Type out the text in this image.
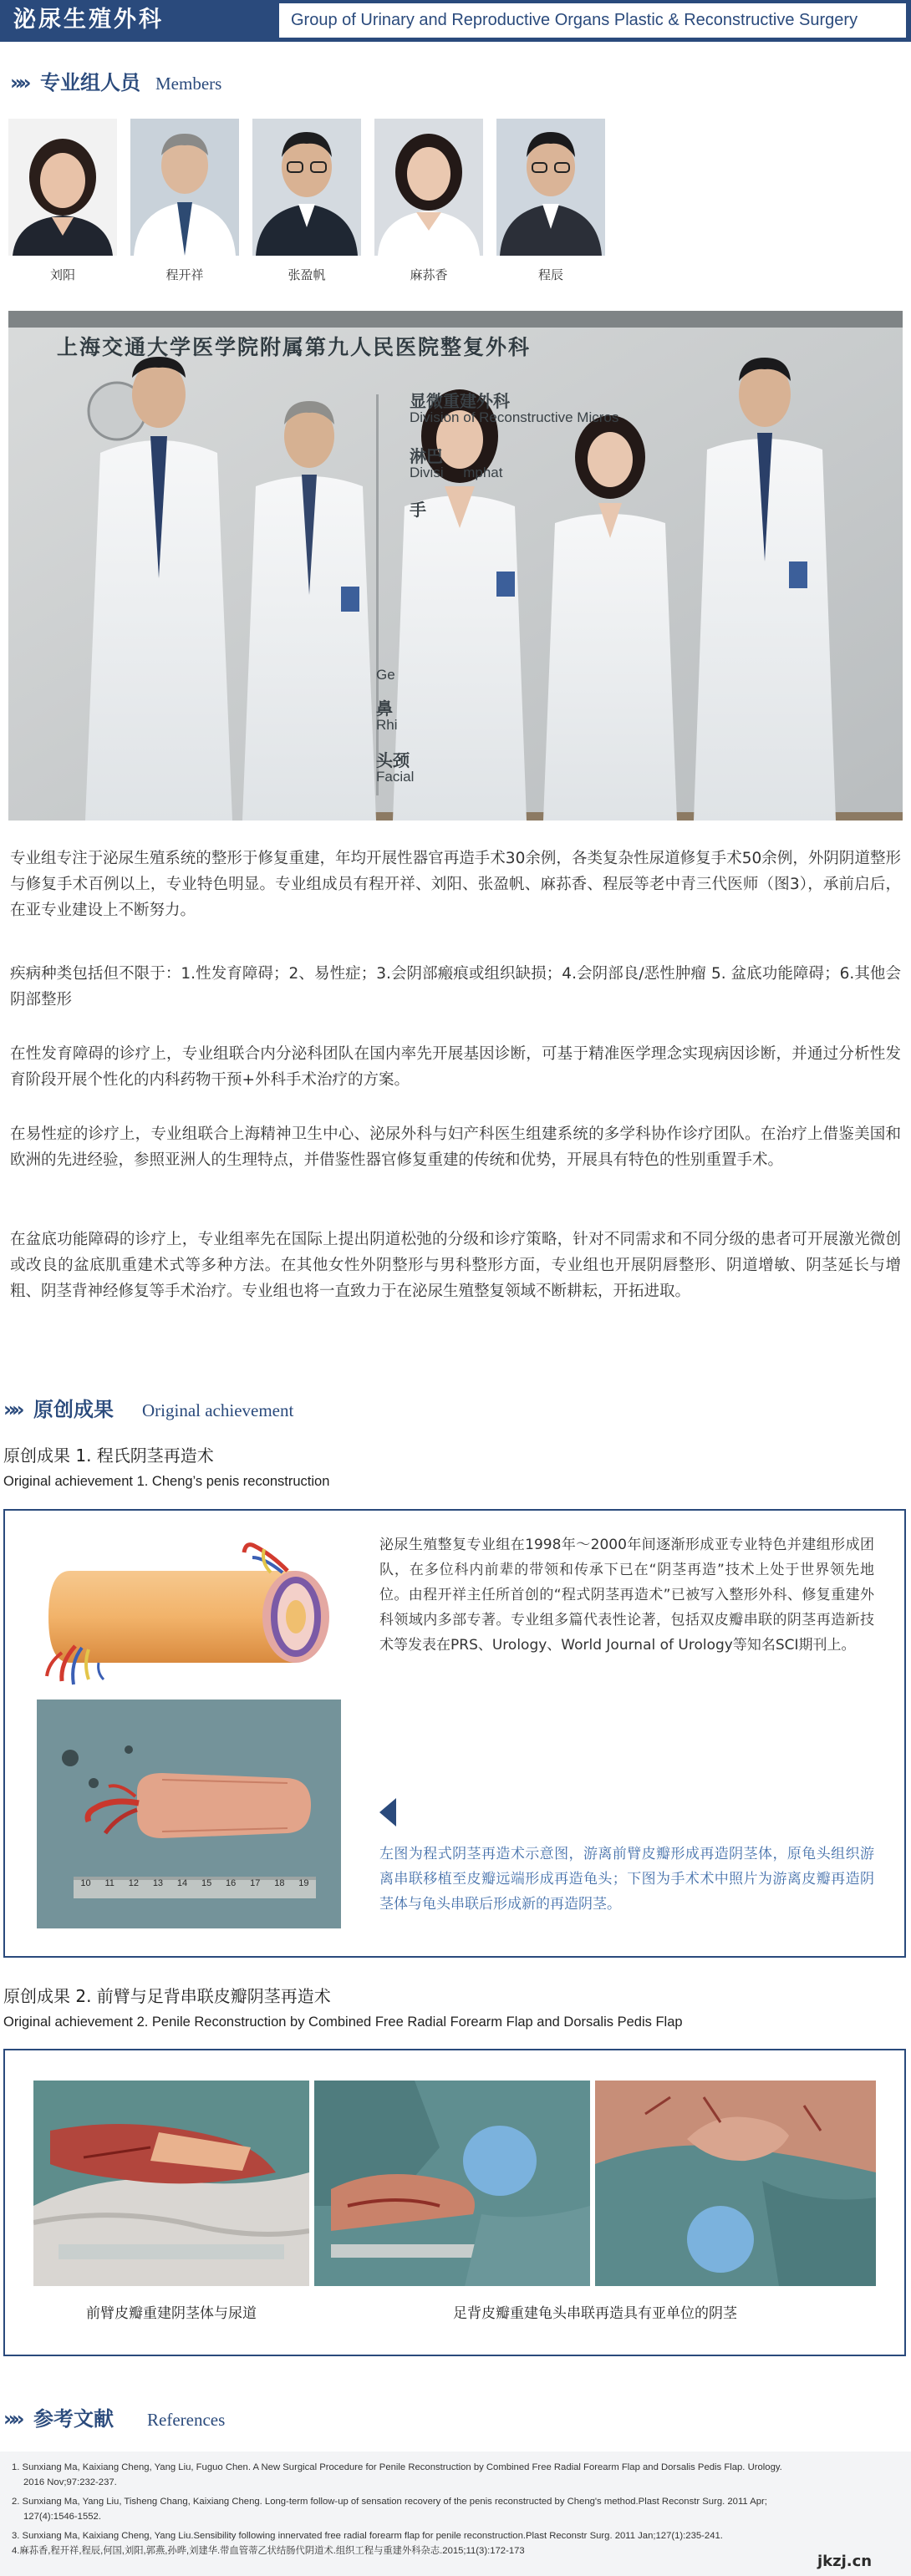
泌尿生殖外科	Group of Urinary and Reproductive Organs Plastic & Reconstructive Surgery
» » 专业组人员 Members
刘阳	程开祥	张盈帆	麻荪香	程辰
上海交通大学医学院附属第九人民医院整复外科
显微重建外科
Division of Reconstructive Micros
淋巴
Divisi     mphat
手
Ge
鼻
Rhi
头颈
Facial
专业组专注于泌尿生殖系统的整形于修复重建，年均开展性器官再造手术30余例，各类复杂性尿道修复手术50余例，外阴阴道整形与修复手术百例以上，专业特色明显。专业组成员有程开祥、刘阳、张盈帆、麻荪香、程辰等老中青三代医师（图3），承前启后，在亚专业建设上不断努力。
疾病种类包括但不限于：1.性发育障碍；2、易性症；3.会阴部瘢痕或组织缺损；4.会阴部良/恶性肿瘤 5. 盆底功能障碍；6.其他会阴部整形
在性发育障碍的诊疗上，专业组联合内分泌科团队在国内率先开展基因诊断，可基于精准医学理念实现病因诊断，并通过分析性发育阶段开展个性化的内科药物干预+外科手术治疗的方案。
在易性症的诊疗上，专业组联合上海精神卫生中心、泌尿外科与妇产科医生组建系统的多学科协作诊疗团队。在治疗上借鉴美国和欧洲的先进经验，参照亚洲人的生理特点，并借鉴性器官修复重建的传统和优势，开展具有特色的性别重置手术。
在盆底功能障碍的诊疗上，专业组率先在国际上提出阴道松弛的分级和诊疗策略，针对不同需求和不同分级的患者可开展激光微创或改良的盆底肌重建术式等多种方法。在其他女性外阴整形与男科整形方面，专业组也开展阴唇整形、阴道增敏、阴茎延长与增粗、阴茎背神经修复等手术治疗。专业组也将一直致力于在泌尿生殖整复领域不断耕耘，开拓进取。
» » 原创成果 Original achievement
原创成果 1. 程氏阴茎再造术
Original achievement 1. Cheng’s penis reconstruction
10 11 12 13 14 15 16 17 18 19
泌尿生殖整复专业组在1998年～2000年间逐渐形成亚专业特色并建组形成团队，在多位科内前辈的带领和传承下已在“阴茎再造”技术上处于世界领先地位。由程开祥主任所首创的“程式阴茎再造术”已被写入整形外科、修复重建外科领域内多部专著。专业组多篇代表性论著，包括双皮瓣串联的阴茎再造新技术等发表在PRS、Urology、World Journal of Urology等知名SCI期刊上。
左图为程式阴茎再造术示意图，游离前臂皮瓣形成再造阴茎体，原龟头组织游离串联移植至皮瓣远端形成再造龟头；下图为手术术中照片为游离皮瓣再造阴茎体与龟头串联后形成新的再造阴茎。
原创成果 2. 前臂与足背串联皮瓣阴茎再造术
Original achievement 2. Penile Reconstruction by Combined Free Radial Forearm Flap and Dorsalis Pedis Flap
前臂皮瓣重建阴茎体与尿道	足背皮瓣重建龟头串联再造具有亚单位的阴茎
» » 参考文献 References
1. Sunxiang Ma, Kaixiang Cheng, Yang Liu, Fuguo Chen. A New Surgical Procedure for Penile Reconstruction by Combined Free Radial Forearm Flap and Dorsalis Pedis Flap. Urology.
2016 Nov;97:232-237.
2. Sunxiang Ma, Yang Liu, Tisheng Chang, Kaixiang Cheng. Long-term follow-up of sensation recovery of the penis reconstructed by Cheng's method.Plast Reconstr Surg. 2011 Apr;
127(4):1546-1552.
3. Sunxiang Ma, Kaixiang Cheng, Yang Liu.Sensibility following innervated free radial forearm flap for penile reconstruction.Plast Reconstr Surg. 2011 Jan;127(1):235-241.
4.麻荪香,程开祥,程辰,何国,刘阳,郭燕,孙晔,刘建华.带血管蒂乙状结肠代阴道术.组织工程与重建外科杂志.2015;11(3):172-173
jkzj.cn
